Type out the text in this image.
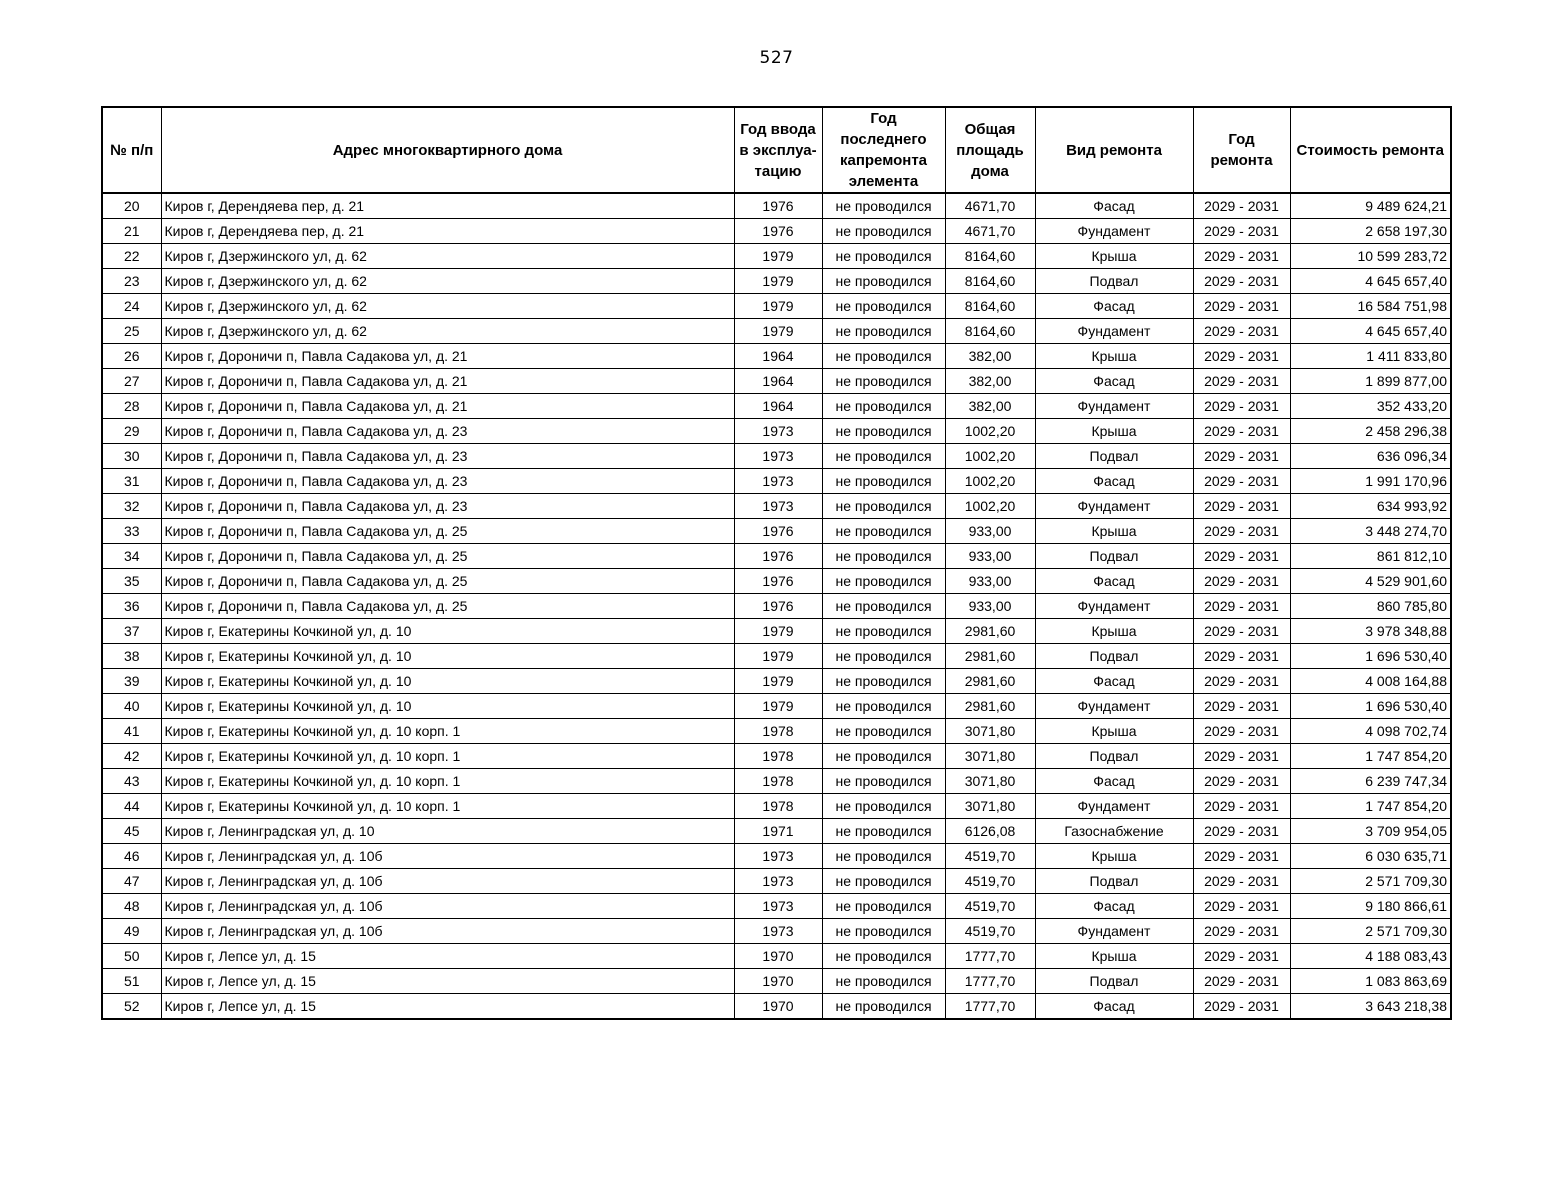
527
№ п/п	Адрес многоквартирного дома	Год ввода в эксплуа-тацию	Год последнего капремонта элемента	Общая площадь дома	Вид ремонта	Год ремонта	Стоимость ремонта
20	Киров г, Дерендяева пер, д. 21	1976	не проводился	4671,70	Фасад	2029 - 2031	9 489 624,21
21	Киров г, Дерендяева пер, д. 21	1976	не проводился	4671,70	Фундамент	2029 - 2031	2 658 197,30
22	Киров г, Дзержинского ул, д. 62	1979	не проводился	8164,60	Крыша	2029 - 2031	10 599 283,72
23	Киров г, Дзержинского ул, д. 62	1979	не проводился	8164,60	Подвал	2029 - 2031	4 645 657,40
24	Киров г, Дзержинского ул, д. 62	1979	не проводился	8164,60	Фасад	2029 - 2031	16 584 751,98
25	Киров г, Дзержинского ул, д. 62	1979	не проводился	8164,60	Фундамент	2029 - 2031	4 645 657,40
26	Киров г, Дороничи п, Павла Садакова ул, д. 21	1964	не проводился	382,00	Крыша	2029 - 2031	1 411 833,80
27	Киров г, Дороничи п, Павла Садакова ул, д. 21	1964	не проводился	382,00	Фасад	2029 - 2031	1 899 877,00
28	Киров г, Дороничи п, Павла Садакова ул, д. 21	1964	не проводился	382,00	Фундамент	2029 - 2031	352 433,20
29	Киров г, Дороничи п, Павла Садакова ул, д. 23	1973	не проводился	1002,20	Крыша	2029 - 2031	2 458 296,38
30	Киров г, Дороничи п, Павла Садакова ул, д. 23	1973	не проводился	1002,20	Подвал	2029 - 2031	636 096,34
31	Киров г, Дороничи п, Павла Садакова ул, д. 23	1973	не проводился	1002,20	Фасад	2029 - 2031	1 991 170,96
32	Киров г, Дороничи п, Павла Садакова ул, д. 23	1973	не проводился	1002,20	Фундамент	2029 - 2031	634 993,92
33	Киров г, Дороничи п, Павла Садакова ул, д. 25	1976	не проводился	933,00	Крыша	2029 - 2031	3 448 274,70
34	Киров г, Дороничи п, Павла Садакова ул, д. 25	1976	не проводился	933,00	Подвал	2029 - 2031	861 812,10
35	Киров г, Дороничи п, Павла Садакова ул, д. 25	1976	не проводился	933,00	Фасад	2029 - 2031	4 529 901,60
36	Киров г, Дороничи п, Павла Садакова ул, д. 25	1976	не проводился	933,00	Фундамент	2029 - 2031	860 785,80
37	Киров г, Екатерины Кочкиной ул, д. 10	1979	не проводился	2981,60	Крыша	2029 - 2031	3 978 348,88
38	Киров г, Екатерины Кочкиной ул, д. 10	1979	не проводился	2981,60	Подвал	2029 - 2031	1 696 530,40
39	Киров г, Екатерины Кочкиной ул, д. 10	1979	не проводился	2981,60	Фасад	2029 - 2031	4 008 164,88
40	Киров г, Екатерины Кочкиной ул, д. 10	1979	не проводился	2981,60	Фундамент	2029 - 2031	1 696 530,40
41	Киров г, Екатерины Кочкиной ул, д. 10 корп. 1	1978	не проводился	3071,80	Крыша	2029 - 2031	4 098 702,74
42	Киров г, Екатерины Кочкиной ул, д. 10 корп. 1	1978	не проводился	3071,80	Подвал	2029 - 2031	1 747 854,20
43	Киров г, Екатерины Кочкиной ул, д. 10 корп. 1	1978	не проводился	3071,80	Фасад	2029 - 2031	6 239 747,34
44	Киров г, Екатерины Кочкиной ул, д. 10 корп. 1	1978	не проводился	3071,80	Фундамент	2029 - 2031	1 747 854,20
45	Киров г, Ленинградская ул, д. 10	1971	не проводился	6126,08	Газоснабжение	2029 - 2031	3 709 954,05
46	Киров г, Ленинградская ул, д. 10б	1973	не проводился	4519,70	Крыша	2029 - 2031	6 030 635,71
47	Киров г, Ленинградская ул, д. 10б	1973	не проводился	4519,70	Подвал	2029 - 2031	2 571 709,30
48	Киров г, Ленинградская ул, д. 10б	1973	не проводился	4519,70	Фасад	2029 - 2031	9 180 866,61
49	Киров г, Ленинградская ул, д. 10б	1973	не проводился	4519,70	Фундамент	2029 - 2031	2 571 709,30
50	Киров г, Лепсе ул, д. 15	1970	не проводился	1777,70	Крыша	2029 - 2031	4 188 083,43
51	Киров г, Лепсе ул, д. 15	1970	не проводился	1777,70	Подвал	2029 - 2031	1 083 863,69
52	Киров г, Лепсе ул, д. 15	1970	не проводился	1777,70	Фасад	2029 - 2031	3 643 218,38
